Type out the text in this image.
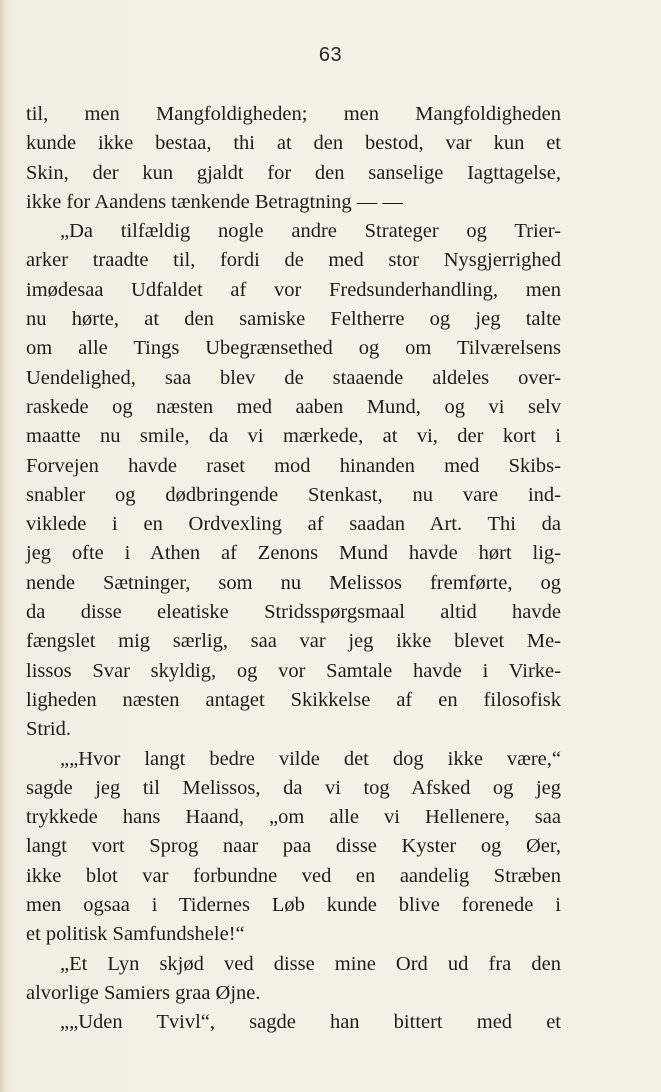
63
til, men Mangfoldigheden; men Mangfoldigheden
kunde ikke bestaa, thi at den bestod, var kun et
Skin, der kun gjaldt for den sanselige Iagttagelse,
ikke for Aandens tænkende Betragtning — —
„Da tilfældig nogle andre Strateger og Trier-
arker traadte til, fordi de med stor Nysgjerrighed
imødesaa Udfaldet af vor Fredsunderhandling, men
nu hørte, at den samiske Feltherre og jeg talte
om alle Tings Ubegrænsethed og om Tilværelsens
Uendelighed, saa blev de staaende aldeles over-
raskede og næsten med aaben Mund, og vi selv
maatte nu smile, da vi mærkede, at vi, der kort i
Forvejen havde raset mod hinanden med Skibs-
snabler og dødbringende Stenkast, nu vare ind-
viklede i en Ordvexling af saadan Art. Thi da
jeg ofte i Athen af Zenons Mund havde hørt lig-
nende Sætninger, som nu Melissos fremførte, og
da disse eleatiske Stridsspørgsmaal altid havde
fængslet mig særlig, saa var jeg ikke blevet Me-
lissos Svar skyldig, og vor Samtale havde i Virke-
ligheden næsten antaget Skikkelse af en filosofisk
Strid.
„„Hvor langt bedre vilde det dog ikke være,“
sagde jeg til Melissos, da vi tog Afsked og jeg
trykkede hans Haand, „om alle vi Hellenere, saa
langt vort Sprog naar paa disse Kyster og Øer,
ikke blot var forbundne ved en aandelig Stræben
men ogsaa i Tidernes Løb kunde blive forenede i
et politisk Samfundshele!“
„Et Lyn skjød ved disse mine Ord ud fra den
alvorlige Samiers graa Øjne.
„„Uden Tvivl“, sagde han bittert med et
